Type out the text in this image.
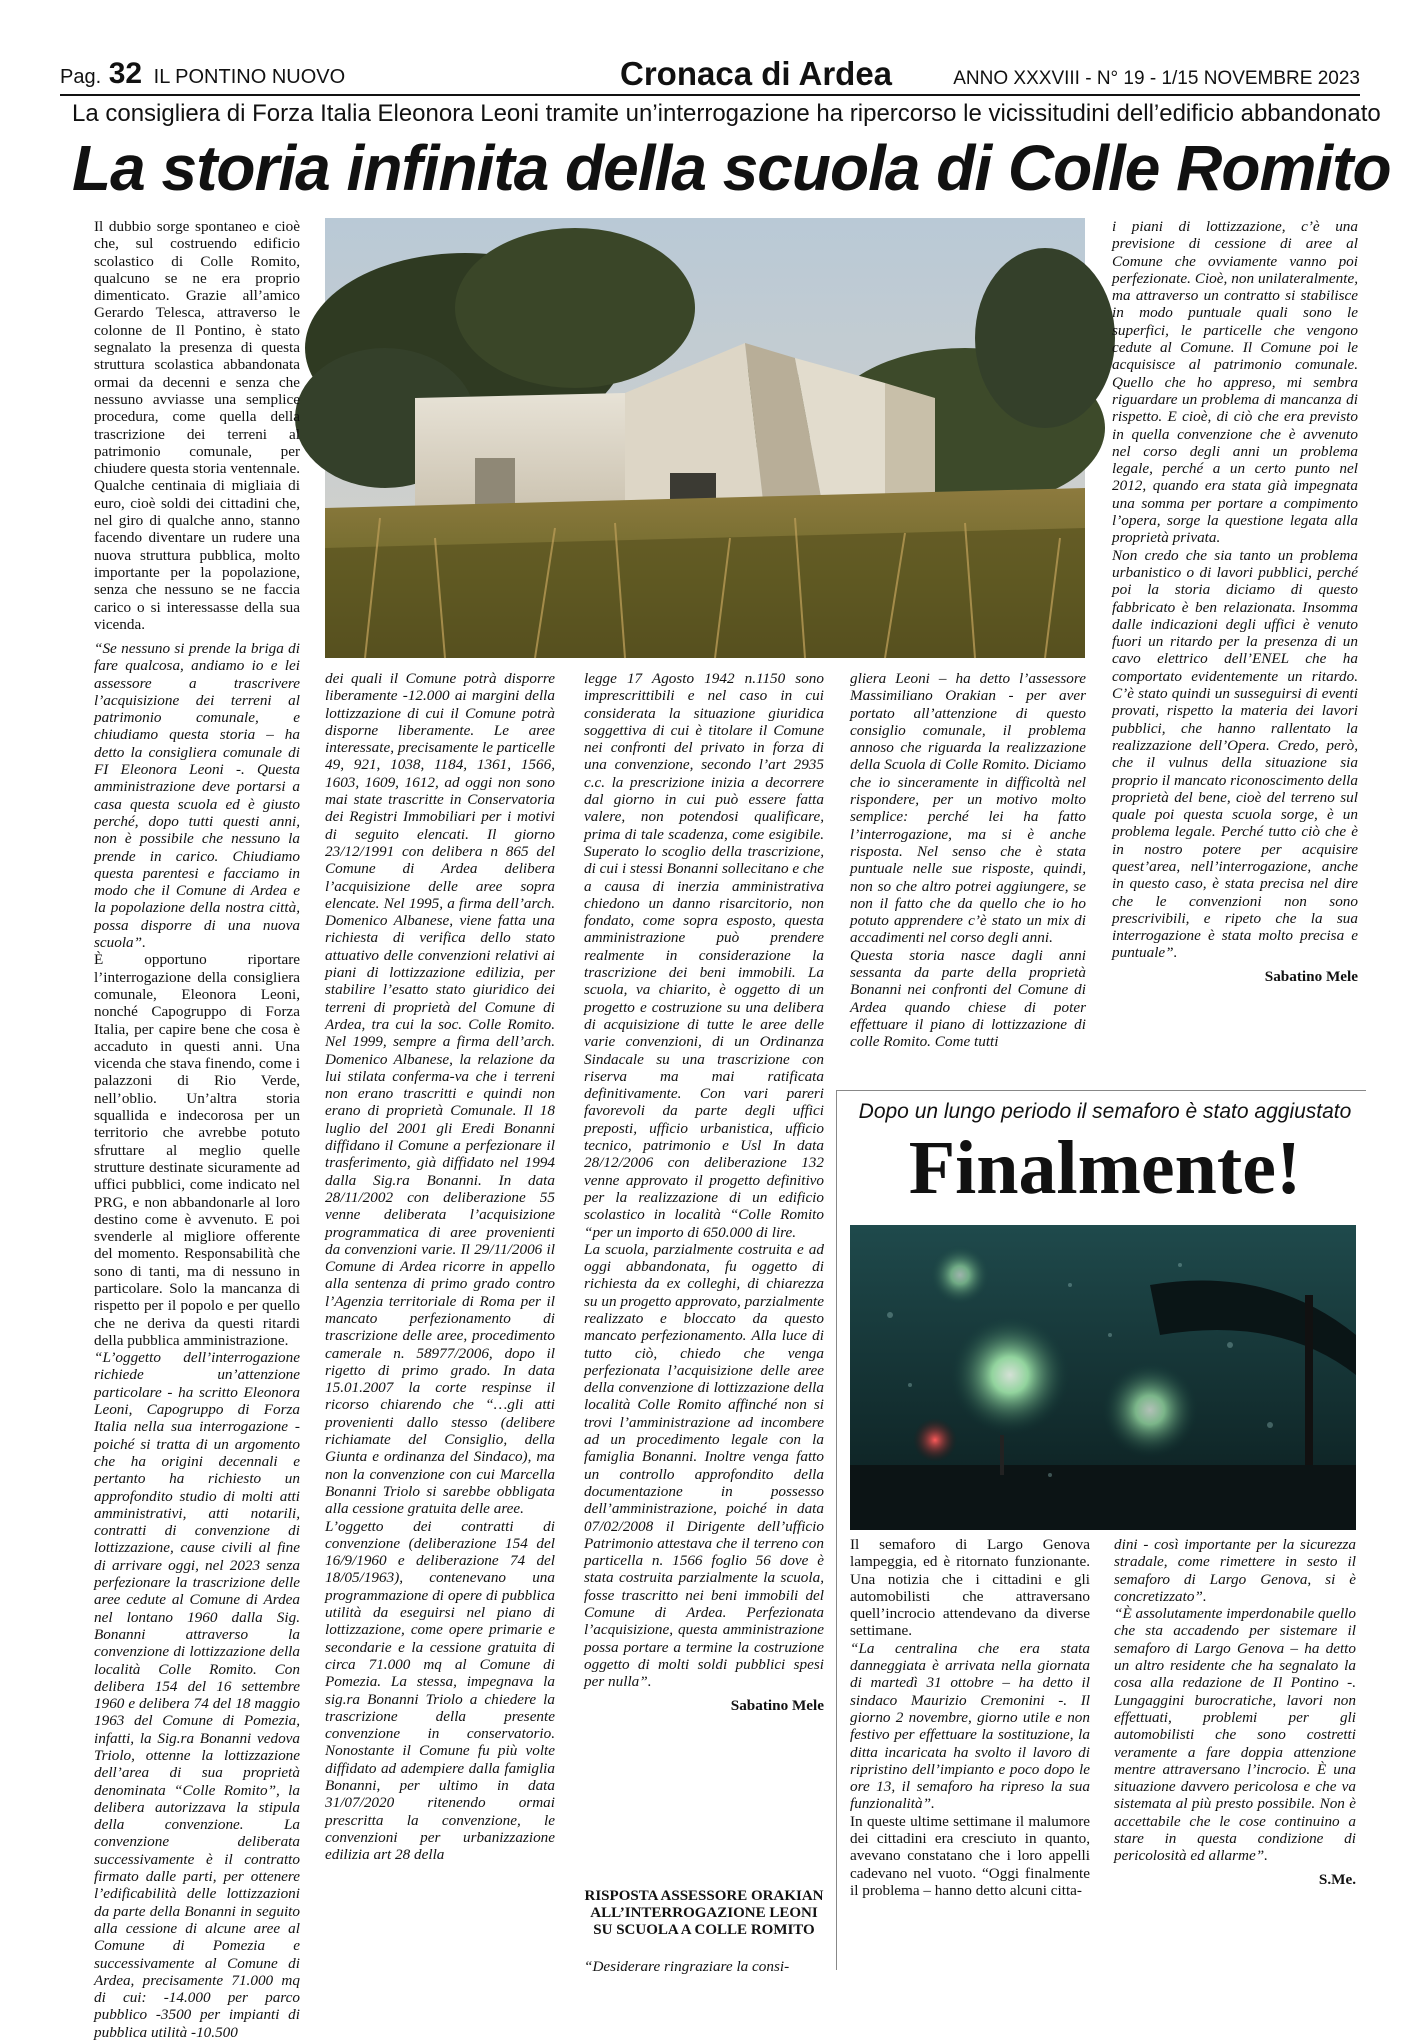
Pag. 32 IL PONTINO NUOVO	Cronaca di Ardea	ANNO XXXVIII - N° 19 - 1/15 NOVEMBRE 2023
La consigliera di Forza Italia Eleonora Leoni tramite un’interrogazione ha ripercorso le vicissitudini dell’edificio abbandonato
La storia infinita della scuola di Colle Romito

Il dubbio sorge spontaneo e cioè che, sul costruendo edificio scolastico di Colle Romito, qualcuno se ne era proprio dimenticato. Grazie all’amico Gerardo Telesca, attraverso le colonne de Il Pontino, è stato segnalato la presenza di questa struttura scolastica abbandonata ormai da decenni e senza che nessuno avviasse una semplice procedura, come quella della trascrizione dei terreni al patrimonio comunale, per chiudere questa storia ventennale. Qualche centinaia di migliaia di euro, cioè soldi dei cittadini che, nel giro di qualche anno, stanno facendo diventare un rudere una nuova struttura pubblica, molto importante per la popolazione, senza che nessuno se ne faccia carico o si interessasse della sua vicenda.

“Se nessuno si prende la briga di fare qualcosa, andiamo io e lei assessore a trascrivere l’acquisizione dei terreni al patrimonio comunale, e chiudiamo questa storia – ha detto la consigliera comunale di FI Eleonora Leoni -. Questa amministrazione deve portarsi a casa questa scuola ed è giusto perché, dopo tutti questi anni, non è possibile che nessuno la prende in carico. Chiudiamo questa parentesi e facciamo in modo che il Comune di Ardea e la popolazione della nostra città, possa disporre di una nuova scuola”.

È opportuno riportare l’interrogazione della consigliera comunale, Eleonora Leoni, nonché Capogruppo di Forza Italia, per capire bene che cosa è accaduto in questi anni. Una vicenda che stava finendo, come i palazzoni di Rio Verde, nell’oblio. Un’altra storia squallida e indecorosa per un territorio che avrebbe potuto sfruttare al meglio quelle strutture destinate sicuramente ad uffici pubblici, come indicato nel PRG, e non abbandonarle al loro destino come è avvenuto. E poi svenderle al migliore offerente del momento. Responsabilità che sono di tanti, ma di nessuno in particolare. Solo la mancanza di rispetto per il popolo e per quello che ne deriva da questi ritardi della pubblica amministrazione.

“L’oggetto dell’interrogazione richiede un’attenzione particolare - ha scritto Eleonora Leoni, Capogruppo di Forza Italia nella sua interrogazione - poiché si tratta di un argomento che ha origini decennali e pertanto ha richiesto un approfondito studio di molti atti amministrativi, atti notarili, contratti di convenzione di lottizzazione, cause civili al fine di arrivare oggi, nel 2023 senza perfezionare la trascrizione delle aree cedute al Comune di Ardea nel lontano 1960 dalla Sig. Bonanni attraverso la convenzione di lottizzazione della località Colle Romito. Con delibera 154 del 16 settembre 1960 e delibera 74 del 18 maggio 1963 del Comune di Pomezia, infatti, la Sig.ra Bonanni vedova Triolo, ottenne la lottizzazione dell’area di sua proprietà denominata “Colle Romito”, la delibera autorizzava la stipula della convenzione. La convenzione deliberata successivamente è il contratto firmato dalle parti, per ottenere l’edificabilità delle lottizzazioni da parte della Bonanni in seguito alla cessione di alcune aree al Comune di Pomezia e successivamente al Comune di Ardea, precisamente 71.000 mq di cui: -14.000 per parco pubblico -3500 per impianti di pubblica utilità -10.500

dei quali il Comune potrà disporre liberamente -12.000 ai margini della lottizzazione di cui il Comune potrà disporne liberamente. Le aree interessate, precisamente le particelle 49, 921, 1038, 1184, 1361, 1566, 1603, 1609, 1612, ad oggi non sono mai state trascritte in Conservatoria dei Registri Immobiliari per i motivi di seguito elencati. Il giorno 23/12/1991 con delibera n 865 del Comune di Ardea delibera l’acquisizione delle aree sopra elencate. Nel 1995, a firma dell’arch. Domenico Albanese, viene fatta una richiesta di verifica dello stato attuativo delle convenzioni relativi ai piani di lottizzazione edilizia, per stabilire l’esatto stato giuridico dei terreni di proprietà del Comune di Ardea, tra cui la soc. Colle Romito. Nel 1999, sempre a firma dell’arch. Domenico Albanese, la relazione da lui stilata conferma-va che i terreni non erano trascritti e quindi non erano di proprietà Comunale. Il 18 luglio del 2001 gli Eredi Bonanni diffidano il Comune a perfezionare il trasferimento, già diffidato nel 1994 dalla Sig.ra Bonanni. In data 28/11/2002 con deliberazione 55 venne deliberata l’acquisizione programmatica di aree provenienti da convenzioni varie. Il 29/11/2006 il Comune di Ardea ricorre in appello alla sentenza di primo grado contro l’Agenzia territoriale di Roma per il mancato perfezionamento di trascrizione delle aree, procedimento camerale n. 58977/2006, dopo il rigetto di primo grado. In data 15.01.2007 la corte respinse il ricorso chiarendo che “…gli atti provenienti dallo stesso (delibere richiamate del Consiglio, della Giunta e ordinanza del Sindaco), ma non la convenzione con cui Marcella Bonanni Triolo si sarebbe obbligata alla cessione gratuita delle aree.

L’oggetto dei contratti di convenzione (deliberazione 154 del 16/9/1960 e deliberazione 74 del 18/05/1963), contenevano una programmazione di opere di pubblica utilità da eseguirsi nel piano di lottizzazione, come opere primarie e secondarie e la cessione gratuita di circa 71.000 mq al Comune di Pomezia. La stessa, impegnava la sig.ra Bonanni Triolo a chiedere la trascrizione della presente convenzione in conservatorio. Nonostante il Comune fu più volte diffidato ad adempiere dalla famiglia Bonanni, per ultimo in data 31/07/2020 ritenendo ormai prescritta la convenzione, le convenzioni per urbanizzazione edilizia art 28 della

legge 17 Agosto 1942 n.1150 sono imprescrittibili e nel caso in cui considerata la situazione giuridica soggettiva di cui è titolare il Comune nei confronti del privato in forza di una convenzione, secondo l’art 2935 c.c. la prescrizione inizia a decorrere dal giorno in cui può essere fatta valere, non potendosi qualificare, prima di tale scadenza, come esigibile. Superato lo scoglio della trascrizione, di cui i stessi Bonanni sollecitano e che a causa di inerzia amministrativa chiedono un danno risarcitorio, non fondato, come sopra esposto, questa amministrazione può prendere realmente in considerazione la trascrizione dei beni immobili. La scuola, va chiarito, è oggetto di un progetto e costruzione su una delibera di acquisizione di tutte le aree delle varie convenzioni, di un Ordinanza Sindacale su una trascrizione con riserva ma mai ratificata definitivamente. Con vari pareri favorevoli da parte degli uffici preposti, ufficio urbanistica, ufficio tecnico, patrimonio e Usl In data 28/12/2006 con deliberazione 132 venne approvato il progetto definitivo per la realizzazione di un edificio scolastico in località “Colle Romito “per un importo di 650.000 di lire.

La scuola, parzialmente costruita e ad oggi abbandonata, fu oggetto di richiesta da ex colleghi, di chiarezza su un progetto approvato, parzialmente realizzato e bloccato da questo mancato perfezionamento. Alla luce di tutto ciò, chiedo che venga perfezionata l’acquisizione delle aree della convenzione di lottizzazione della località Colle Romito affinché non si trovi l’amministrazione ad incombere ad un procedimento legale con la famiglia Bonanni. Inoltre venga fatto un controllo approfondito della documentazione in possesso dell’amministrazione, poiché in data 07/02/2008 il Dirigente dell’ufficio Patrimonio attestava che il terreno con particella n. 1566 foglio 56 dove è stata costruita parzialmente la scuola, fosse trascritto nei beni immobili del Comune di Ardea. Perfezionata l’acquisizione, questa amministrazione possa portare a termine la costruzione oggetto di molti soldi pubblici spesi per nulla”.

Sabatino Mele
RISPOSTA ASSESSORE ORAKIAN ALL’INTERROGAZIONE LEONI SU SCUOLA A COLLE ROMITO

“Desiderare ringraziare la consi-

gliera Leoni – ha detto l’assessore Massimiliano Orakian - per aver portato all’attenzione di questo consiglio comunale, il problema annoso che riguarda la realizzazione della Scuola di Colle Romito. Diciamo che io sinceramente in difficoltà nel rispondere, per un motivo molto semplice: perché lei ha fatto l’interrogazione, ma si è anche risposta. Nel senso che è stata puntuale nelle sue risposte, quindi, non so che altro potrei aggiungere, se non il fatto che da quello che io ho potuto apprendere c’è stato un mix di accadimenti nel corso degli anni.

Questa storia nasce dagli anni sessanta da parte della proprietà Bonanni nei confronti del Comune di Ardea quando chiese di poter effettuare il piano di lottizzazione di colle Romito. Come tutti

i piani di lottizzazione, c’è una previsione di cessione di aree al Comune che ovviamente vanno poi perfezionate. Cioè, non unilateralmente, ma attraverso un contratto si stabilisce in modo puntuale quali sono le superfici, le particelle che vengono cedute al Comune. Il Comune poi le acquisisce al patrimonio comunale. Quello che ho appreso, mi sembra riguardare un problema di mancanza di rispetto. E cioè, di ciò che era previsto in quella convenzione che è avvenuto nel corso degli anni un problema legale, perché a un certo punto nel 2012, quando era stata già impegnata una somma per portare a compimento l’opera, sorge la questione legata alla proprietà privata.

Non credo che sia tanto un problema urbanistico o di lavori pubblici, perché poi la storia diciamo di questo fabbricato è ben relazionata. Insomma dalle indicazioni degli uffici è venuto fuori un ritardo per la presenza di un cavo elettrico dell’ENEL che ha comportato evidentemente un ritardo. C’è stato quindi un susseguirsi di eventi provati, rispetto la materia dei lavori pubblici, che hanno rallentato la realizzazione dell’Opera. Credo, però, che il vulnus della situazione sia proprio il mancato riconoscimento della proprietà del bene, cioè del terreno sul quale poi questa scuola sorge, è un problema legale. Perché tutto ciò che è in nostro potere per acquisire quest’area, nell’interrogazione, anche in questo caso, è stata precisa nel dire che le convenzioni non sono prescrivibili, e ripeto che la sua interrogazione è stata molto precisa e puntuale”.

Sabatino Mele
Dopo un lungo periodo il semaforo è stato aggiustato
Finalmente!

Il semaforo di Largo Genova lampeggia, ed è ritornato funzionante. Una notizia che i cittadini e gli automobilisti che attraversano quell’incrocio attendevano da diverse settimane.

“La centralina che era stata danneggiata è arrivata nella giornata di martedì 31 ottobre – ha detto il sindaco Maurizio Cremonini -. Il giorno 2 novembre, giorno utile e non festivo per effettuare la sostituzione, la ditta incaricata ha svolto il lavoro di ripristino dell’impianto e poco dopo le ore 13, il semaforo ha ripreso la sua funzionalità”.

In queste ultime settimane il malumore dei cittadini era cresciuto in quanto, avevano constatano che i loro appelli cadevano nel vuoto. “Oggi finalmente il problema – hanno detto alcuni citta-

dini - così importante per la sicurezza stradale, come rimettere in sesto il semaforo di Largo Genova, si è concretizzato”.

“È assolutamente imperdonabile quello che sta accadendo per sistemare il semaforo di Largo Genova – ha detto un altro residente che ha segnalato la cosa alla redazione de Il Pontino -. Lungaggini burocratiche, lavori non effettuati, problemi per gli automobilisti che sono costretti veramente a fare doppia attenzione mentre attraversano l’incrocio. È una situazione davvero pericolosa e che va sistemata al più presto possibile. Non è accettabile che le cose continuino a stare in questa condizione di pericolosità ed allarme”.

S.Me.
